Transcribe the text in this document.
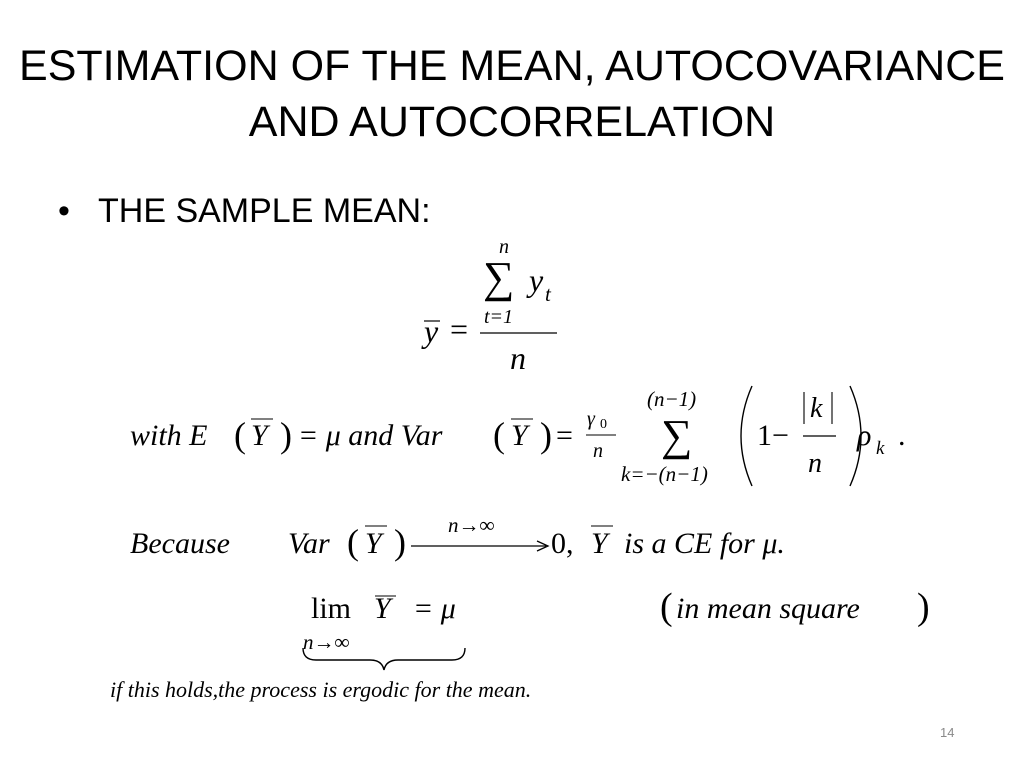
ESTIMATION OF THE MEAN, AUTOCOVARIANCE
AND AUTOCORRELATION
• THE SAMPLE MEAN:
y =
n
∑ y t
t=1
n
with E ( Y ) = μ and Var ( Y ) = γ 0
n
(n−1)
∑
k=−(n−1)
1−
k
n
ρ k .
Because Var ( Y ) n→∞
0, Y is a CE for μ.
lim Y = μ
n→∞
( in mean square )
if this holds,the process is ergodic for the mean.
14
